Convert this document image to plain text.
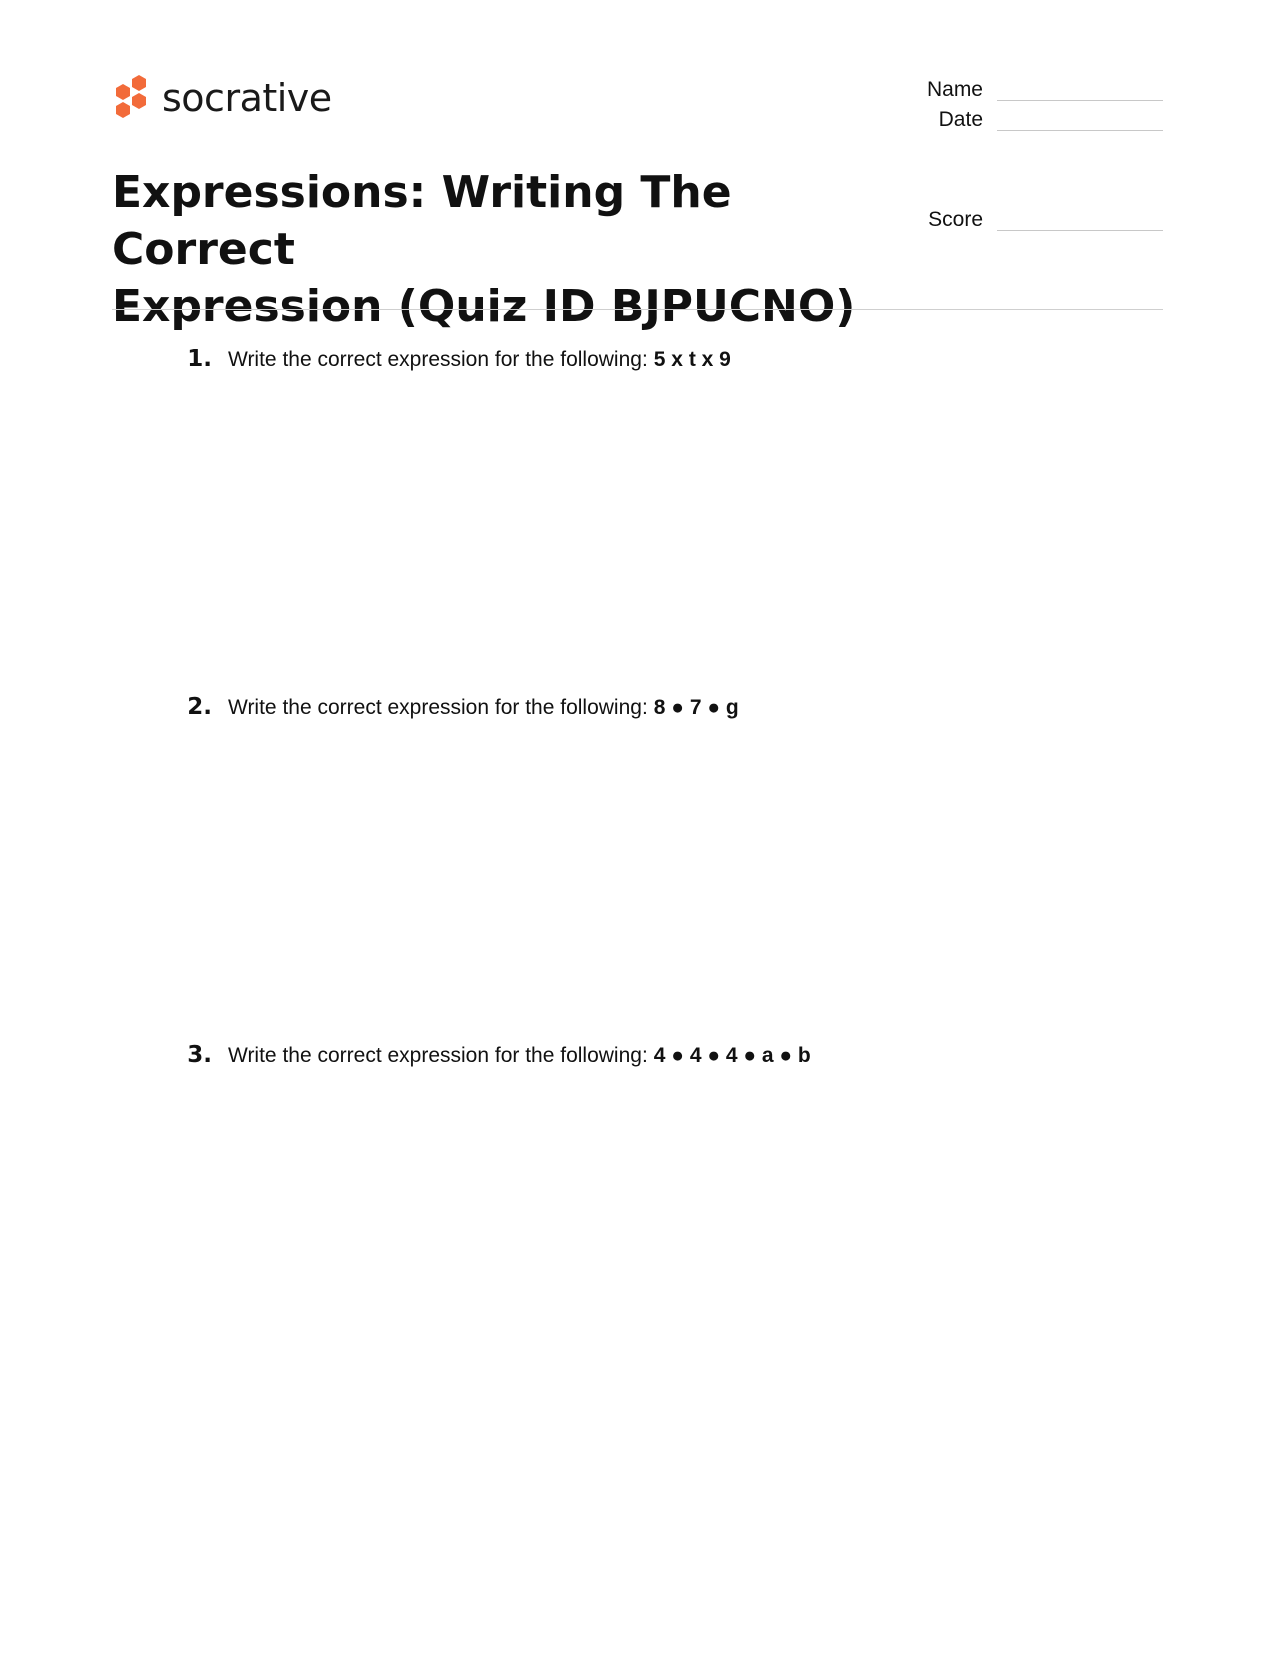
socrative
Expressions: Writing The Correct
Expression (Quiz ID BJPUCNO)
Name
Date
Score
1. Write the correct expression for the following: 5 x t x 9
2. Write the correct expression for the following: 8 ● 7 ● g
3. Write the correct expression for the following: 4 ● 4 ● 4 ● a ● b
